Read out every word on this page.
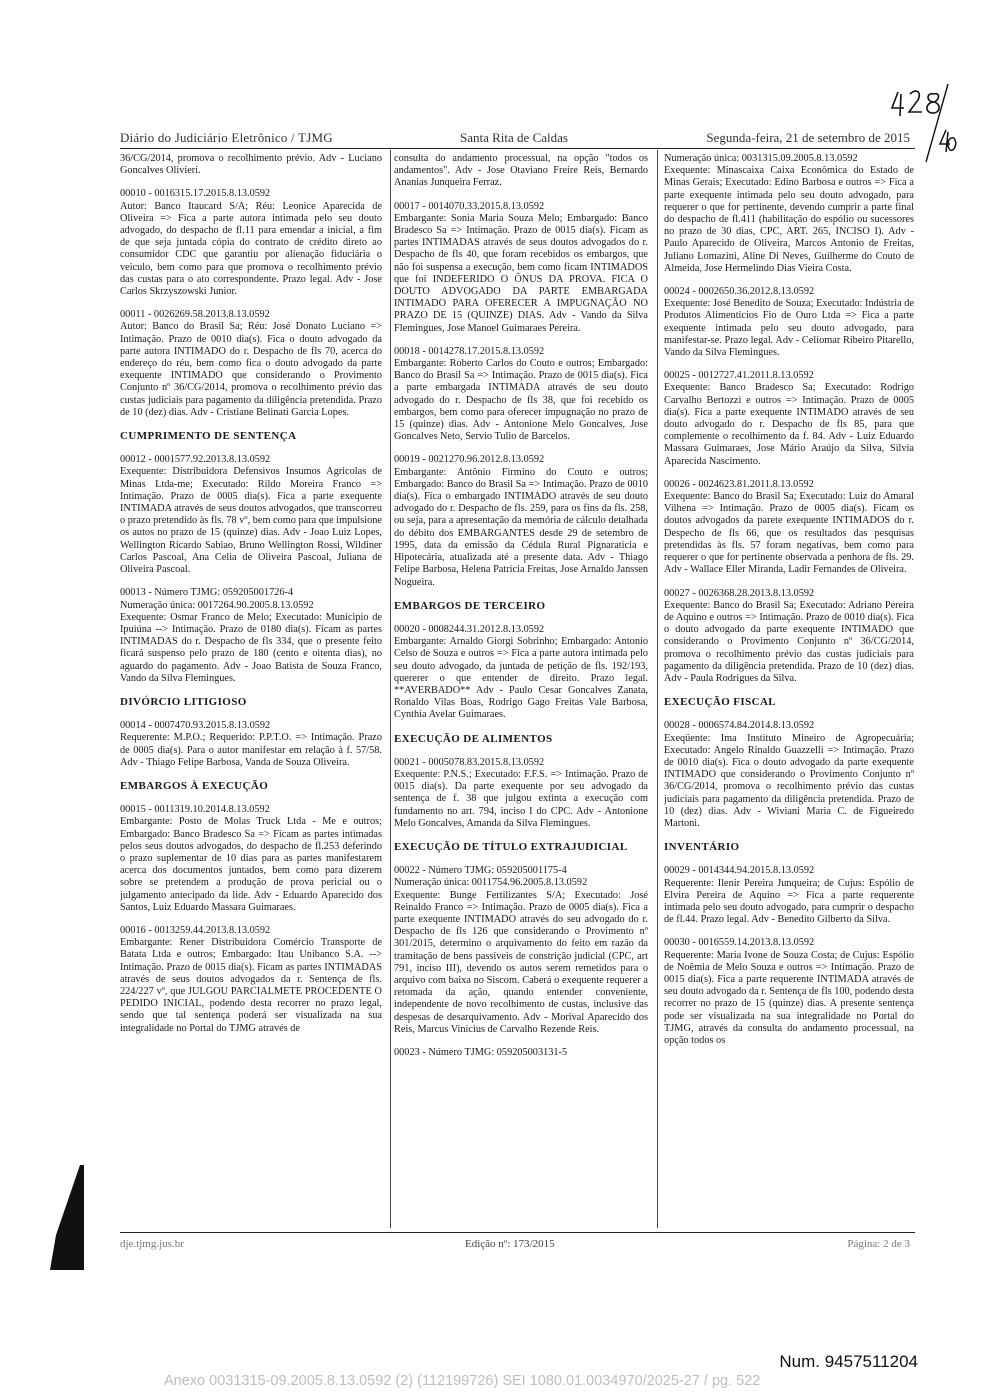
Diário do Judiciário Eletrônico / TJMG	Santa Rita de Caldas	Segunda-feira, 21 de setembro de 2015
36/CG/2014, promova o recolhimento prévio. Adv - Luciano Goncalves Olivieri.
00010 - 0016315.17.2015.8.13.0592
Autor: Banco Itaucard S/A; Réu: Leonice Aparecida de Oliveira => Fica a parte autora intimada pelo seu douto advogado, do despacho de fl.11 para emendar a inicial, a fim de que seja juntada cópia do contrato de crédito direto ao consumidor CDC que garantiu por alienação fiduciária o veiculo, bem como para que promova o recolhimento prévio das custas para o ato correspondente. Prazo legal. Adv - Jose Carlos Skrzyszowski Junior.
00011 - 0026269.58.2013.8.13.0592
Autor: Banco do Brasil Sa; Réu: José Donato Luciano => Intimação. Prazo de 0010 dia(s). Fica o douto advogado da parte autora INTIMADO do r. Despacho de fls 70, acerca do endereço do réu, bem como fica o douto advogado da parte exequente INTIMADO que considerando o Provimento Conjunto nº 36/CG/2014, promova o recolhimento prévio das custas judiciais para pagamento da diligência pretendida. Prazo de 10 (dez) dias. Adv - Cristiane Belinati Garcia Lopes.
CUMPRIMENTO DE SENTENÇA
00012 - 0001577.92.2013.8.13.0592
Exequente: Distribuidora Defensivos Insumos Agricolas de Minas Ltda-me; Executado: Rildo Moreira Franco => Intimação. Prazo de 0005 dia(s). Fica a parte exequente INTIMADA através de seus doutos advogados, que transcorreu o prazo pretendido às fls. 78 vº, bem como para que impulsione os autos no prazo de 15 (quinze) dias. Adv - Joao Luiz Lopes, Wellington Ricardo Sabiao, Bruno Wellington Rossi, Wildiner Carlos Pascoal, Ana Celia de Oliveira Pascoal, Juliana de Oliveira Pascoal.
00013 - Número TJMG: 059205001726-4
Numeração única: 0017264.90.2005.8.13.0592
Exequente: Osmar Franco de Melo; Executado: Municipio de Ipuiúna --> Intimação. Prazo de 0180 dia(s). Ficam as partes INTIMADAS do r. Despacho de fls 334, que o presente feito ficará suspenso pelo prazo de 180 (cento e oitenta dias), no aguardo do pagamento. Adv - Joao Batista de Souza Franco, Vando da Silva Flemingues.
DIVÓRCIO LITIGIOSO
00014 - 0007470.93.2015.8.13.0592
Requerente: M.P.O.; Requerido: P.P.T.O. => Intimação. Prazo de 0005 dia(s). Para o autor manifestar em relação à f. 57/58. Adv - Thiago Felipe Barbosa, Vanda de Souza Oliveira.
EMBARGOS À EXECUÇÃO
00015 - 0011319.10.2014.8.13.0592
Embargante: Posto de Molas Truck Ltda - Me e outros; Embargado: Banco Bradesco Sa => Ficam as partes intimadas pelos seus doutos advogados, do despacho de fl.253 deferindo o prazo suplementar de 10 dias para as partes manifestarem acerca dos documentos juntados, bem como para dizerem sobre se pretendem a produção de prova pericial ou o julgamento antecipado da lide. Adv - Eduardo Aparecido dos Santos, Luiz Eduardo Massara Guimaraes.
00016 - 0013259.44.2013.8.13.0592
Embargante: Rener Distribuidora Comércio Transporte de Batata Ltda e outros; Embargado: Itau Unibanco S.A. --> Intimação. Prazo de 0015 dia(s). Ficam as partes INTIMADAS através de seus doutos advogados da r. Sentença de fls. 224/227 vº, que JULGOU PARCIALMETE PROCEDENTE O PEDIDO INICIAL, podendo desta recorrer no prazo legal, sendo que tal sentença poderá ser visualizada na sua integralidade no Portal do TJMG através de
consulta do andamento processual, na opção "todos os andamentos". Adv - Jose Otaviano Freire Reis, Bernardo Ananias Junqueira Ferraz.
00017 - 0014070.33.2015.8.13.0592
Embargante: Sonia Maria Souza Melo; Embargado: Banco Bradesco Sa => Intimação. Prazo de 0015 dia(s). Ficam as partes INTIMADAS através de seus doutos advogados do r. Despacho de fls 40, que foram recebidos os embargos, que não foi suspensa a execução, bem como ficam INTIMADOS que foi INDEFERIDO O ÔNUS DA PROVA. FICA O DOUTO ADVOGADO DA PARTE EMBARGADA INTIMADO PARA OFERECER A IMPUGNAÇÃO NO PRAZO DE 15 (QUINZE) DIAS. Adv - Vando da Silva Flemingues, Jose Manoel Guimaraes Pereira.
00018 - 0014278.17.2015.8.13.0592
Embargante: Roberto Carlos do Couto e outros; Embargado: Banco do Brasil Sa => Intimação. Prazo de 0015 dia(s). Fica a parte embargada INTIMADA através de seu douto advogado do r. Despacho de fls 38, que foi recebido os embargos, bem como para oferecer impugnação no prazo de 15 (quinze) dias. Adv - Antonione Melo Goncalves, Jose Goncalves Neto, Servio Tulio de Barcelos.
00019 - 0021270.96.2012.8.13.0592
Embargante: Antônio Firmino do Couto e outros; Embargado: Banco do Brasil Sa => Intimação. Prazo de 0010 dia(s). Fica o embargado INTIMADO através de seu douto advogado do r. Despacho de fls. 259, para os fins da fls. 258, ou seja, para a apresentação da memória de cálculo detalhada do débito dos EMBARGANTES desde 29 de setembro de 1995, data da emissão da Cédula Rural Pignaraticia e Hipotecária, atualizada até a presente data. Adv - Thiago Felipe Barbosa, Helena Patricia Freitas, Jose Arnaldo Janssen Nogueira.
EMBARGOS DE TERCEIRO
00020 - 0008244.31.2012.8.13.0592
Embargante: Arnaldo Giorgi Sobrinho; Embargado: Antonio Celso de Souza e outros => Fica a parte autora intimada pelo seu douto advogado, da juntada de petição de fls. 192/193, quererer o que entender de direito. Prazo legal. **AVERBADO** Adv - Paulo Cesar Goncalves Zanata, Ronaldo Vilas Boas, Rodrigo Gago Freitas Vale Barbosa, Cynthia Avelar Guimaraes.
EXECUÇÃO DE ALIMENTOS
00021 - 0005078.83.2015.8.13.0592
Exequente: P.N.S.; Executado: F.F.S. => Intimação. Prazo de 0015 dia(s). Da parte exequente por seu advogado da sentença de f. 38 que julgou extinta a execução com fundamento no art. 794, inciso I do CPC. Adv - Antonione Melo Goncalves, Amanda da Silva Flemingues.
EXECUÇÃO DE TÍTULO EXTRAJUDICIAL
00022 - Número TJMG: 059205001175-4
Numeração única: 0011754.96.2005.8.13.0592
Exequente: Bunge Fertilizantes S/A; Executado: José Reinaldo Franco => Intimação. Prazo de 0005 dia(s). Fica a parte exequente INTIMADO através do seu advogado do r. Despacho de fls 126 que considerando o Provimento nº 301/2015, determino o arquivamento do feito em razão da tramitação de bens passíveis de constrição judicial (CPC, art 791, inciso III), devendo os autos serem remetidos para o arquivo com baixa no Siscom. Caberá o exequente requerer a retomada da ação, quando entender conveniente, independente de novo recolhimento de custas, inclusive das despesas de desarquivamento. Adv - Morival Aparecido dos Reis, Marcus Vinicius de Carvalho Rezende Reis.
00023 - Número TJMG: 059205003131-5
Numeração única: 0031315.09.2005.8.13.0592
Exequente: Minascaixa Caixa Econômica do Estado de Minas Gerais; Executado: Edino Barbosa e outros => Fica a parte exequente intimada pelo seu douto advogado, para requerer o que for pertinente, devendo cumprir a parte final do despacho de fl.411 (habilitação do espólio ou sucessores no prazo de 30 dias, CPC, ART. 265, INCISO I). Adv - Paulo Aparecido de Oliveira, Marcos Antonio de Freitas, Juliano Lomazini, Aline Di Neves, Guilherme do Couto de Almeida, Jose Hermelindo Dias Vieira Costa.
00024 - 0002650.36.2012.8.13.0592
Exequente: José Benedito de Souza; Executado: Indústria de Produtos Alimentícios Fio de Ouro Ltda => Fica a parte exequente intimada pelo seu douto advogado, para manifestar-se. Prazo legal. Adv - Celiomar Ribeiro Pitarello, Vando da Silva Flemingues.
00025 - 0012727.41.2011.8.13.0592
Exequente: Banco Bradesco Sa; Executado: Rodrigo Carvalho Bertozzi e outros => Intimação. Prazo de 0005 dia(s). Fica a parte exequente INTIMADO através de seu douto advogado do r. Despacho de fls 85, para que complemente o recolhimento da f. 84. Adv - Luiz Eduardo Massara Guimaraes, Jose Mário Araújo da Silva, Silvia Aparecida Nascimento.
00026 - 0024623.81.2011.8.13.0592
Exequente: Banco do Brasil Sa; Executado: Luiz do Amaral Vilhena => Intimação. Prazo de 0005 dia(s). Ficam os doutos advogados da parete exequente INTIMADOS do r. Despecho de fls 66, que os resultados das pesquisas pretendidas às fls. 57 foram negativas, bem como para requerer o que for pertinente observada a penhora de fls. 29. Adv - Wallace Eller Miranda, Ladir Fernandes de Oliveira.
00027 - 0026368.28.2013.8.13.0592
Exequente: Banco do Brasil Sa; Executado: Adriano Pereira de Aquino e outros => Intimação. Prazo de 0010 dia(s). Fica o douto advogado da parte exequente INTIMADO que considerando o Provimento Conjunto nº 36/CG/2014, promova o recolhimento prévio das custas judiciais para pagamento da diligência pretendida. Prazo de 10 (dez) dias. Adv - Paula Rodrigues da Silva.
EXECUÇÃO FISCAL
00028 - 0006574.84.2014.8.13.0592
Exeqüente: Ima Instituto Mineiro de Agropecuária; Executado: Angelo Rinaldo Guazzelli => Intimação. Prazo de 0010 dia(s). Fica o douto advogado da parte exequente INTIMADO que considerando o Provimento Conjunto nº 36/CG/2014, promova o recolhimento prévio das custas judiciais para pagamento da diligência pretendida. Prazo de 10 (dez) dias. Adv - Wiviani Maria C. de Figueiredo Martoni.
INVENTÁRIO
00029 - 0014344.94.2015.8.13.0592
Requerente: Ilenir Pereira Junqueira; de Cujus: Espólio de Elvira Pereira de Aquino => Fica a parte requerente intimada pelo seu douto advogado, para cumprir o despacho de fl.44. Prazo legal. Adv - Benedito Gilberto da Silva.
00030 - 0016559.14.2013.8.13.0592
Requerente: Maria Ivone de Souza Costa; de Cujus: Espólio de Noêmia de Melo Souza e outros => Intimação. Prazo de 0015 dia(s). Fica a parte requerente INTIMADA através de seu douto advogado da r. Sentença de fls 100, podendo desta recorrer no prazo de 15 (quinze) dias. A presente sentença pode ser visualizada na sua integralidade no Portal do TJMG, através da consulta do andamento processual, na opção todos os
dje.tjmg.jus.br	Edição nº: 173/2015	Página: 2 de 3
Num. 9457511204
Anexo 0031315-09.2005.8.13.0592 (2) (112199726) SEI 1080.01.0034970/2025-27 / pg. 522
